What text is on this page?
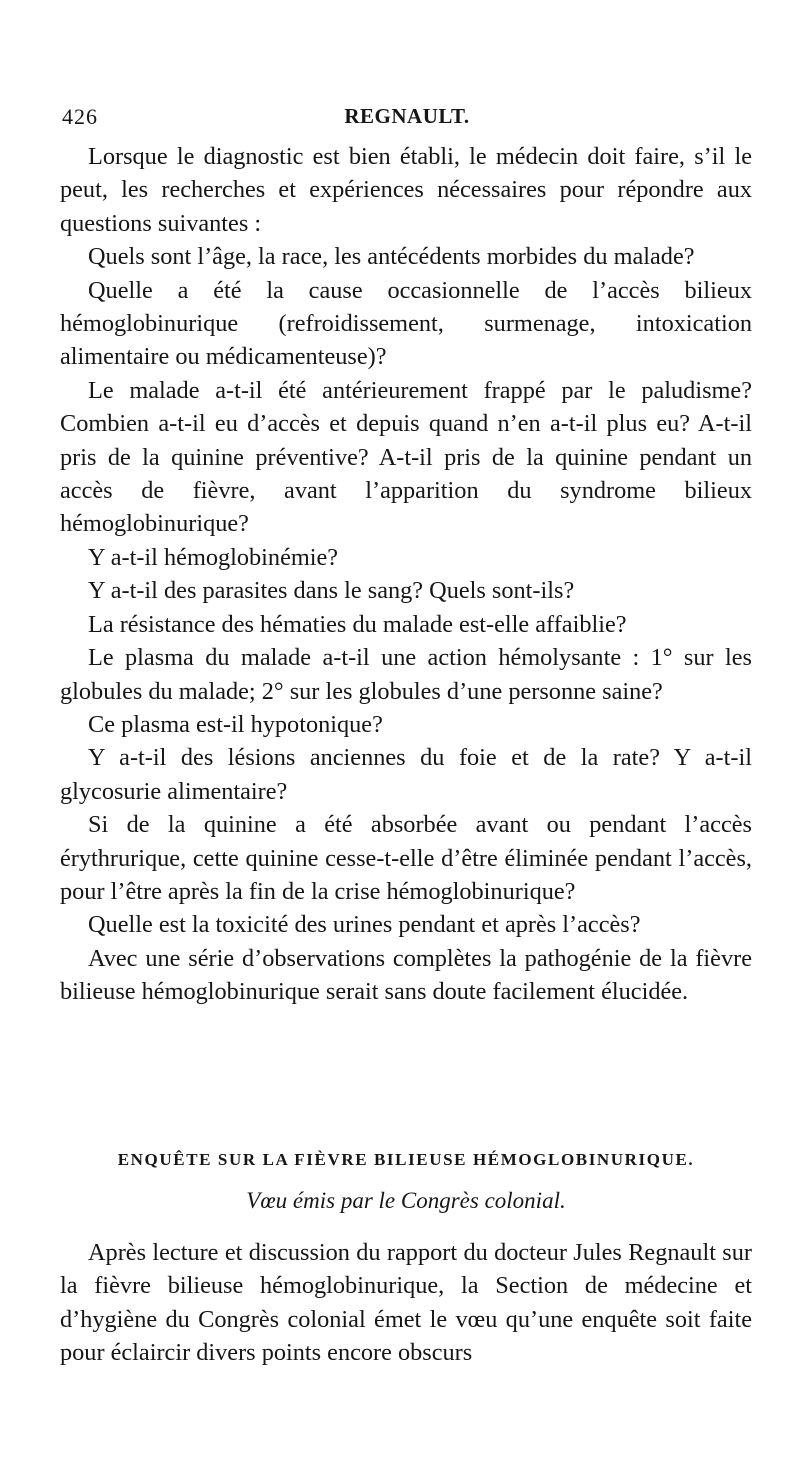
426	REGNAULT.

Lorsque le diagnostic est bien établi, le médecin doit faire, s’il le peut, les recherches et expériences nécessaires pour répondre aux questions suivantes :

Quels sont l’âge, la race, les antécédents morbides du malade?

Quelle a été la cause occasionnelle de l’accès bilieux hémoglobinurique (refroidissement, surmenage, intoxication alimentaire ou médicamenteuse)?

Le malade a-t-il été antérieurement frappé par le paludisme? Combien a-t-il eu d’accès et depuis quand n’en a-t-il plus eu? A-t-il pris de la quinine préventive? A-t-il pris de la quinine pendant un accès de fièvre, avant l’apparition du syndrome bilieux hémoglobinurique?

Y a-t-il hémoglobinémie?

Y a-t-il des parasites dans le sang? Quels sont-ils?

La résistance des hématies du malade est-elle affaiblie?

Le plasma du malade a-t-il une action hémolysante : 1° sur les globules du malade; 2° sur les globules d’une personne saine?

Ce plasma est-il hypotonique?

Y a-t-il des lésions anciennes du foie et de la rate? Y a-t-il glycosurie alimentaire?

Si de la quinine a été absorbée avant ou pendant l’accès érythrurique, cette quinine cesse-t-elle d’être éliminée pendant l’accès, pour l’être après la fin de la crise hémoglobinurique?

Quelle est la toxicité des urines pendant et après l’accès?

Avec une série d’observations complètes la pathogénie de la fièvre bilieuse hémoglobinurique serait sans doute facilement élucidée.

ENQUÊTE SUR LA FIÈVRE BILIEUSE HÉMOGLOBINURIQUE.
Vœu émis par le Congrès colonial.

Après lecture et discussion du rapport du docteur Jules Regnault sur la fièvre bilieuse hémoglobinurique, la Section de médecine et d’hygiène du Congrès colonial émet le vœu qu’une enquête soit faite pour éclaircir divers points encore obscurs
